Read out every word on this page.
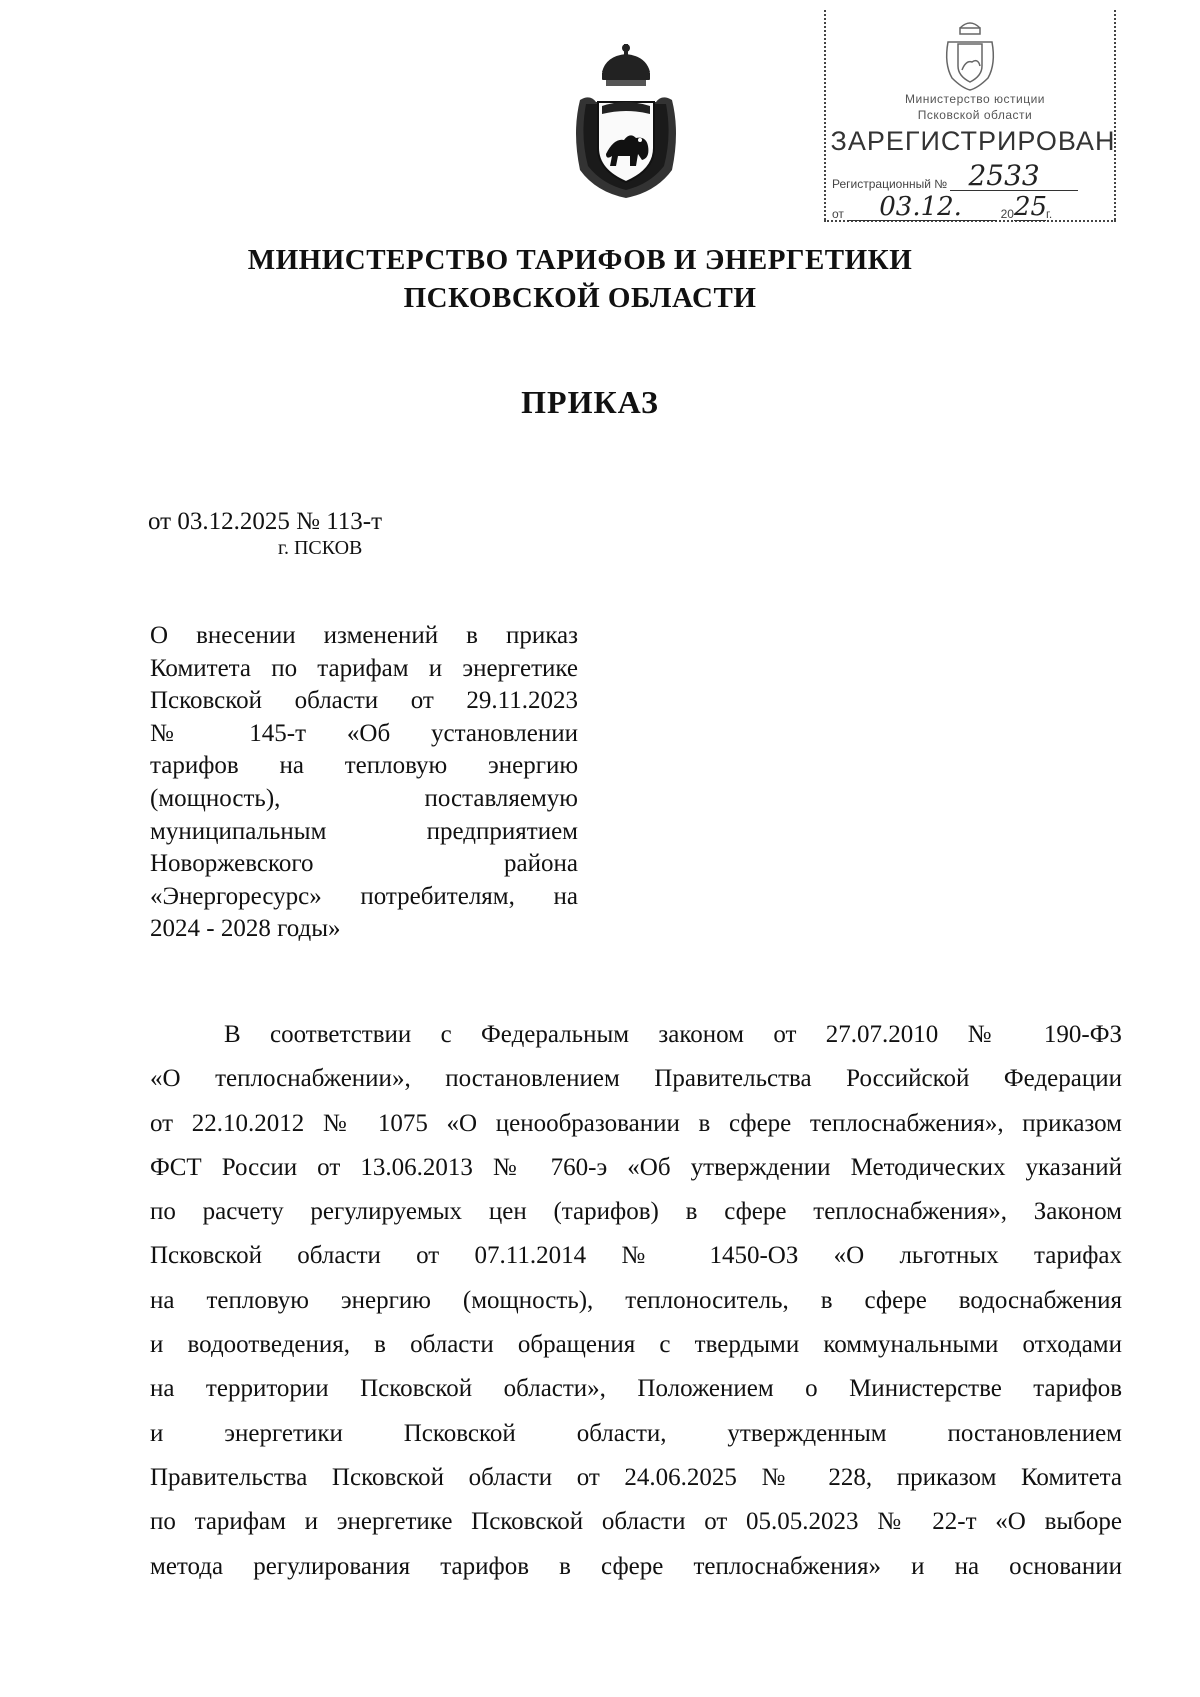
Министерство юстиции
Псковской области
ЗАРЕГИСТРИРОВАН
Регистрационный № 2533
от 03.12.	20 25
г.
МИНИСТЕРСТВО ТАРИФОВ И ЭНЕРГЕТИКИ
ПСКОВСКОЙ ОБЛАСТИ
ПРИКАЗ
от 03.12.2025 № 113-т
г. ПСКОВ
О внесении изменений в приказ
Комитета по тарифам и энергетике
Псковской области от 29.11.2023
№ 145-т «Об установлении
тарифов на тепловую энергию
(мощность), поставляемую
муниципальным предприятием
Новоржевского района
«Энергоресурс» потребителям, на
2024 - 2028 годы»
В соответствии с Федеральным законом от 27.07.2010 № 190-ФЗ
«О теплоснабжении», постановлением Правительства Российской Федерации
от 22.10.2012 № 1075 «О ценообразовании в сфере теплоснабжения», приказом
ФСТ России от 13.06.2013 № 760-э «Об утверждении Методических указаний
по расчету регулируемых цен (тарифов) в сфере теплоснабжения», Законом
Псковской области от 07.11.2014 № 1450-ОЗ «О льготных тарифах
на тепловую энергию (мощность), теплоноситель, в сфере водоснабжения
и водоотведения, в области обращения с твердыми коммунальными отходами
на территории Псковской области», Положением о Министерстве тарифов
и энергетики Псковской области, утвержденным постановлением
Правительства Псковской области от 24.06.2025 № 228, приказом Комитета
по тарифам и энергетике Псковской области от 05.05.2023 № 22-т «О выборе
метода регулирования тарифов в сфере теплоснабжения» и на основании
